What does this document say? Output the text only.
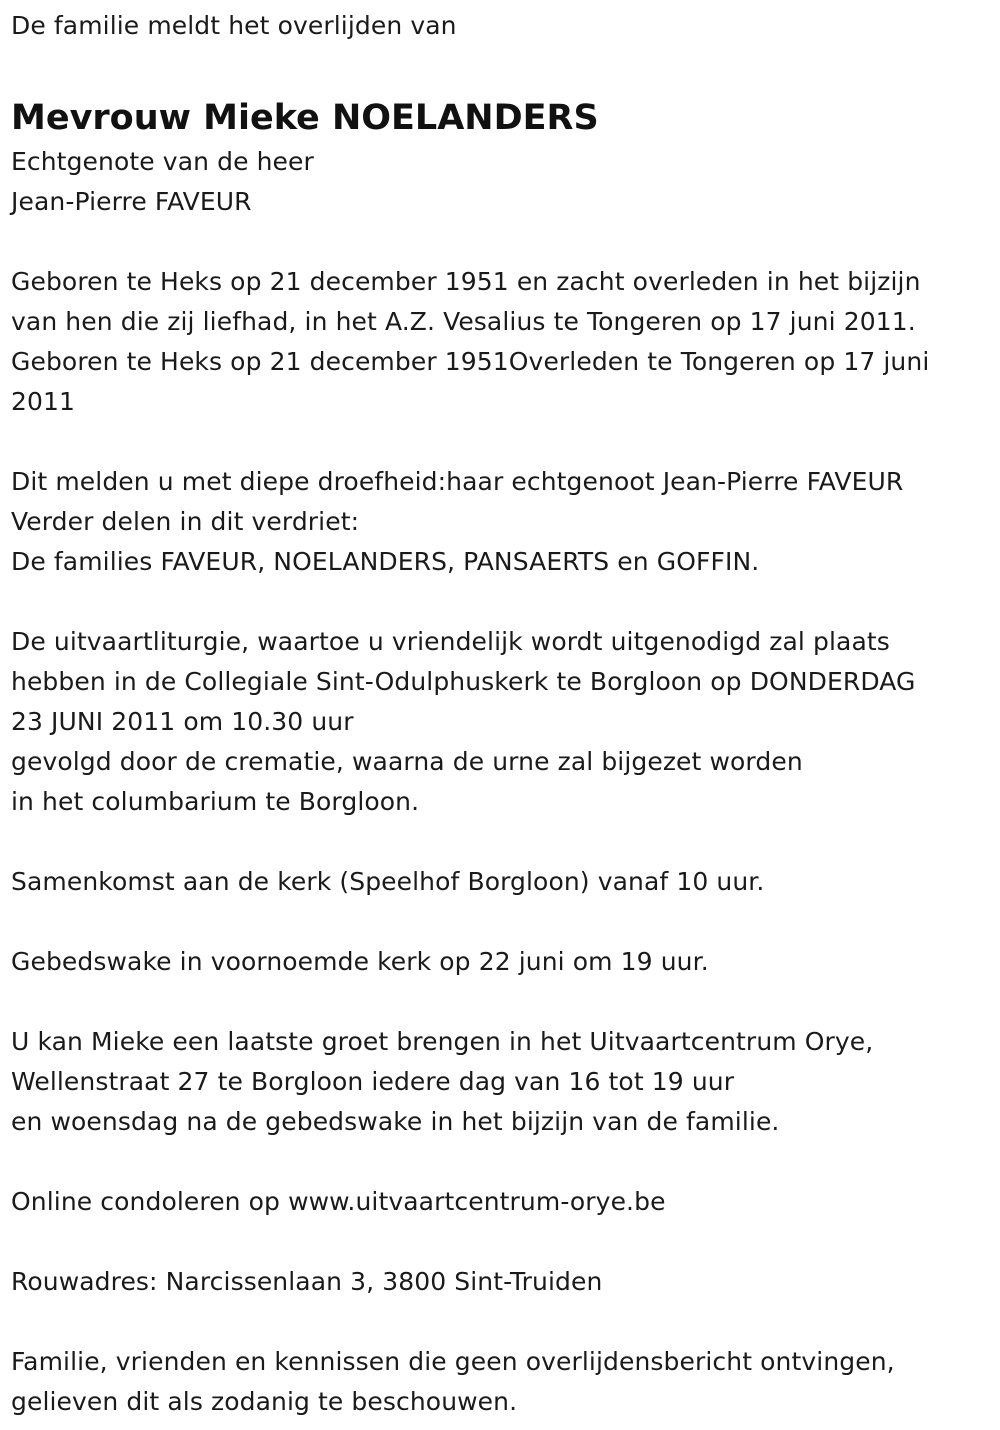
De familie meldt het overlijden van
Mevrouw Mieke NOELANDERS
Echtgenote van de heer
Jean-Pierre FAVEUR
Geboren te Heks op 21 december 1951 en zacht overleden in het bijzijn
van hen die zij liefhad, in het A.Z. Vesalius te Tongeren op 17 juni 2011.
Geboren te Heks op 21 december 1951Overleden te Tongeren op 17 juni
2011
Dit melden u met diepe droefheid:haar echtgenoot Jean-Pierre FAVEUR
Verder delen in dit verdriet:
De families FAVEUR, NOELANDERS, PANSAERTS en GOFFIN.
De uitvaartliturgie, waartoe u vriendelijk wordt uitgenodigd zal plaats
hebben in de Collegiale Sint-Odulphuskerk te Borgloon op DONDERDAG
23 JUNI 2011 om 10.30 uur
gevolgd door de crematie, waarna de urne zal bijgezet worden
in het columbarium te Borgloon.
Samenkomst aan de kerk (Speelhof Borgloon) vanaf 10 uur.
Gebedswake in voornoemde kerk op 22 juni om 19 uur.
U kan Mieke een laatste groet brengen in het Uitvaartcentrum Orye,
Wellenstraat 27 te Borgloon iedere dag van 16 tot 19 uur
en woensdag na de gebedswake in het bijzijn van de familie.
Online condoleren op www.uitvaartcentrum-orye.be
Rouwadres: Narcissenlaan 3, 3800 Sint-Truiden
Familie, vrienden en kennissen die geen overlijdensbericht ontvingen,
gelieven dit als zodanig te beschouwen.
